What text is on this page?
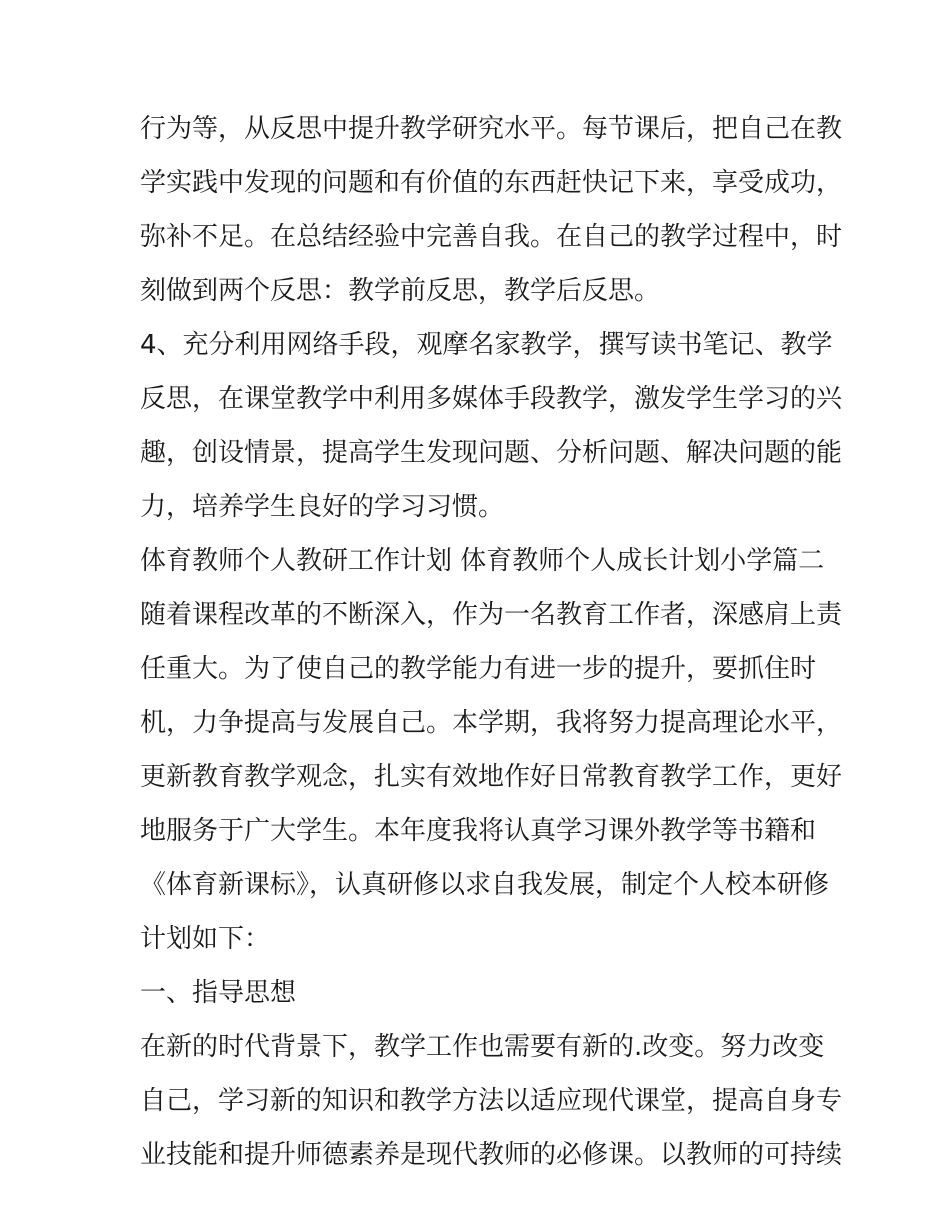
行为等，从反思中提升教学研究水平。每节课后，把自己在教
学实践中发现的问题和有价值的东西赶快记下来，享受成功，
弥补不足。在总结经验中完善自我。在自己的教学过程中，时
刻做到两个反思：教学前反思，教学后反思。
4、充分利用网络手段，观摩名家教学，撰写读书笔记、教学
反思，在课堂教学中利用多媒体手段教学，激发学生学习的兴
趣，创设情景，提高学生发现问题、分析问题、解决问题的能
力，培养学生良好的学习习惯。
体育教师个人教研工作计划 体育教师个人成长计划小学篇二
随着课程改革的不断深入，作为一名教育工作者，深感肩上责
任重大。为了使自己的教学能力有进一步的提升，要抓住时
机，力争提高与发展自己。本学期，我将努力提高理论水平，
更新教育教学观念，扎实有效地作好日常教育教学工作，更好
地服务于广大学生。本年度我将认真学习课外教学等书籍和
《体育新课标》，认真研修以求自我发展，制定个人校本研修
计划如下：
一、指导思想
在新的时代背景下，教学工作也需要有新的.改变。努力改变
自己，学习新的知识和教学方法以适应现代课堂，提高自身专
业技能和提升师德素养是现代教师的必修课。以教师的可持续
